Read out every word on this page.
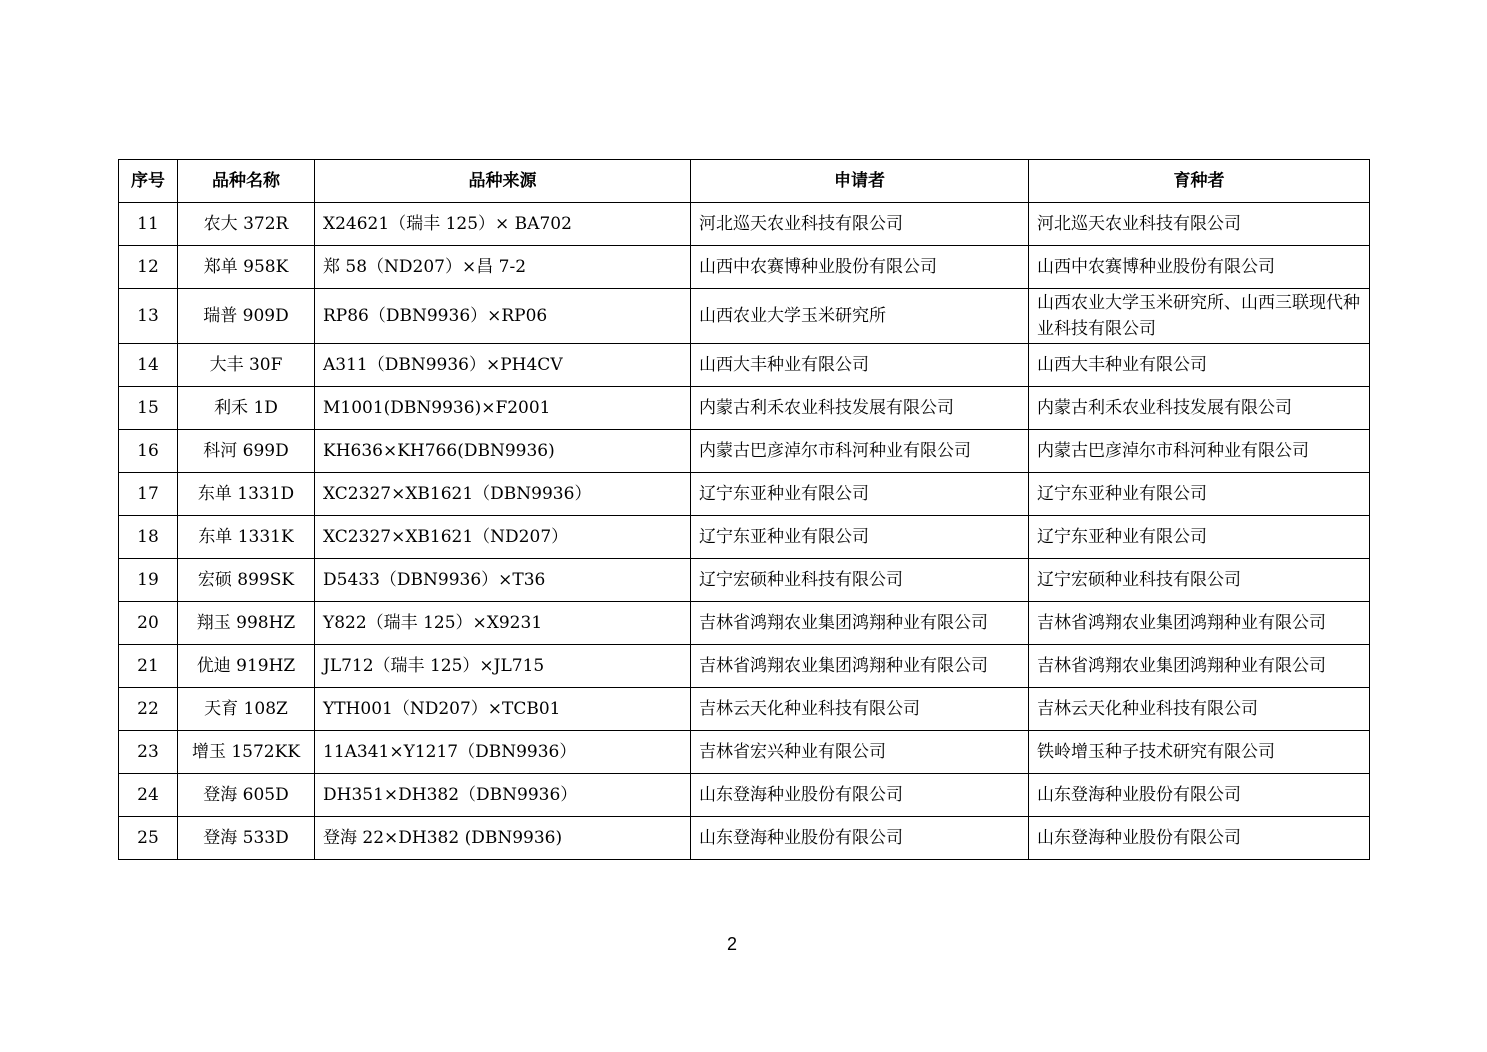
序号	品种名称	品种来源	申请者	育种者
11	农大 372R	X24621（瑞丰 125）× BA702	河北巡天农业科技有限公司	河北巡天农业科技有限公司
12	郑单 958K	郑 58（ND207）×昌 7-2	山西中农赛博种业股份有限公司	山西中农赛博种业股份有限公司
13	瑞普 909D	RP86（DBN9936）×RP06	山西农业大学玉米研究所	山西农业大学玉米研究所、山西三联现代种业科技有限公司
14	大丰 30F	A311（DBN9936）×PH4CV	山西大丰种业有限公司	山西大丰种业有限公司
15	利禾 1D	M1001(DBN9936)×F2001	内蒙古利禾农业科技发展有限公司	内蒙古利禾农业科技发展有限公司
16	科河 699D	KH636×KH766(DBN9936)	内蒙古巴彦淖尔市科河种业有限公司	内蒙古巴彦淖尔市科河种业有限公司
17	东单 1331D	XC2327×XB1621（DBN9936）	辽宁东亚种业有限公司	辽宁东亚种业有限公司
18	东单 1331K	XC2327×XB1621（ND207）	辽宁东亚种业有限公司	辽宁东亚种业有限公司
19	宏硕 899SK	D5433（DBN9936）×T36	辽宁宏硕种业科技有限公司	辽宁宏硕种业科技有限公司
20	翔玉 998HZ	Y822（瑞丰 125）×X9231	吉林省鸿翔农业集团鸿翔种业有限公司	吉林省鸿翔农业集团鸿翔种业有限公司
21	优迪 919HZ	JL712（瑞丰 125）×JL715	吉林省鸿翔农业集团鸿翔种业有限公司	吉林省鸿翔农业集团鸿翔种业有限公司
22	天育 108Z	YTH001（ND207）×TCB01	吉林云天化种业科技有限公司	吉林云天化种业科技有限公司
23	增玉 1572KK	11A341×Y1217（DBN9936）	吉林省宏兴种业有限公司	铁岭增玉种子技术研究有限公司
24	登海 605D	DH351×DH382（DBN9936）	山东登海种业股份有限公司	山东登海种业股份有限公司
25	登海 533D	登海 22×DH382 (DBN9936)	山东登海种业股份有限公司	山东登海种业股份有限公司
2
